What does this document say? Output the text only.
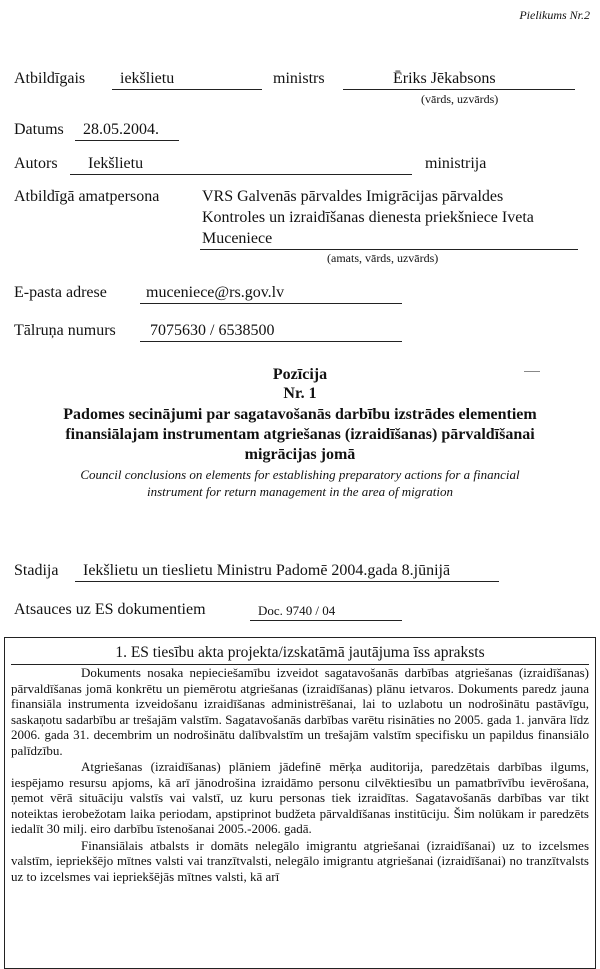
Pielikums Nr.2
Atbildīgais iekšlietu	ministrs	Ēriks Jēkabsons
(vārds, uzvārds)
Datums 28.05.2004.
Autors Iekšlietu	ministrija
Atbildīgā amatpersona	VRS Galvenās pārvaldes Imigrācijas pārvaldes
Kontroles un izraidīšanas dienesta priekšniece Iveta
Muceniece
(amats, vārds, uzvārds)
E-pasta adrese muceniece@rs.gov.lv
Tālruņa numurs 7075630 / 6538500
Pozīcija
Nr. 1
Padomes secinājumi par sagatavošanās darbību izstrādes elementiem
finansiālajam instrumentam atgriešanas (izraidīšanas) pārvaldīšanai
migrācijas jomā
Council conclusions on elements for establishing preparatory actions for a financial
instrument for return management in the area of migration
Stadija Iekšlietu un tieslietu Ministru Padomē 2004.gada 8.jūnijā
Atsauces uz ES dokumentiem	Doc. 9740 / 04
1. ES tiesību akta projekta/izskatāmā jautājuma īss apraksts
Dokuments nosaka nepieciešamību izveidot sagatavošanās darbības atgriešanas (izraidīšanas) pārvaldīšanas jomā konkrētu un piemērotu atgriešanas (izraidīšanas) plānu ietvaros. Dokuments paredz jauna finansiāla instrumenta izveidošanu izraidīšanas administrēšanai, lai to uzlabotu un nodrošinātu pastāvīgu, saskaņotu sadarbību ar trešajām valstīm. Sagatavošanās darbības varētu risināties no 2005. gada 1. janvāra līdz 2006. gada 31. decembrim un nodrošinātu dalībvalstīm un trešajām valstīm specifisku un papildus finansiālo palīdzību.
Atgriešanas (izraidīšanas) plāniem jādefinē mērķa auditorija, paredzētais darbības ilgums, iespējamo resursu apjoms, kā arī jānodrošina izraidāmo personu cilvēktiesību un pamatbrīvību ievērošana, ņemot vērā situāciju valstīs vai valstī, uz kuru personas tiek izraidītas. Sagatavošanās darbības var tikt noteiktas ierobežotam laika periodam, apstiprinot budžeta pārvaldīšanas institūciju. Šim nolūkam ir paredzēts iedalīt 30 milj. eiro darbību īstenošanai 2005.-2006. gadā.
Finansiālais atbalsts ir domāts nelegālo imigrantu atgriešanai (izraidīšanai) uz to izcelsmes valstīm, iepriekšējo mītnes valsti vai tranzītvalsti, nelegālo imigrantu atgriešanai (izraidīšanai) no tranzītvalsts uz to izcelsmes vai iepriekšējās mītnes valsti, kā arī
